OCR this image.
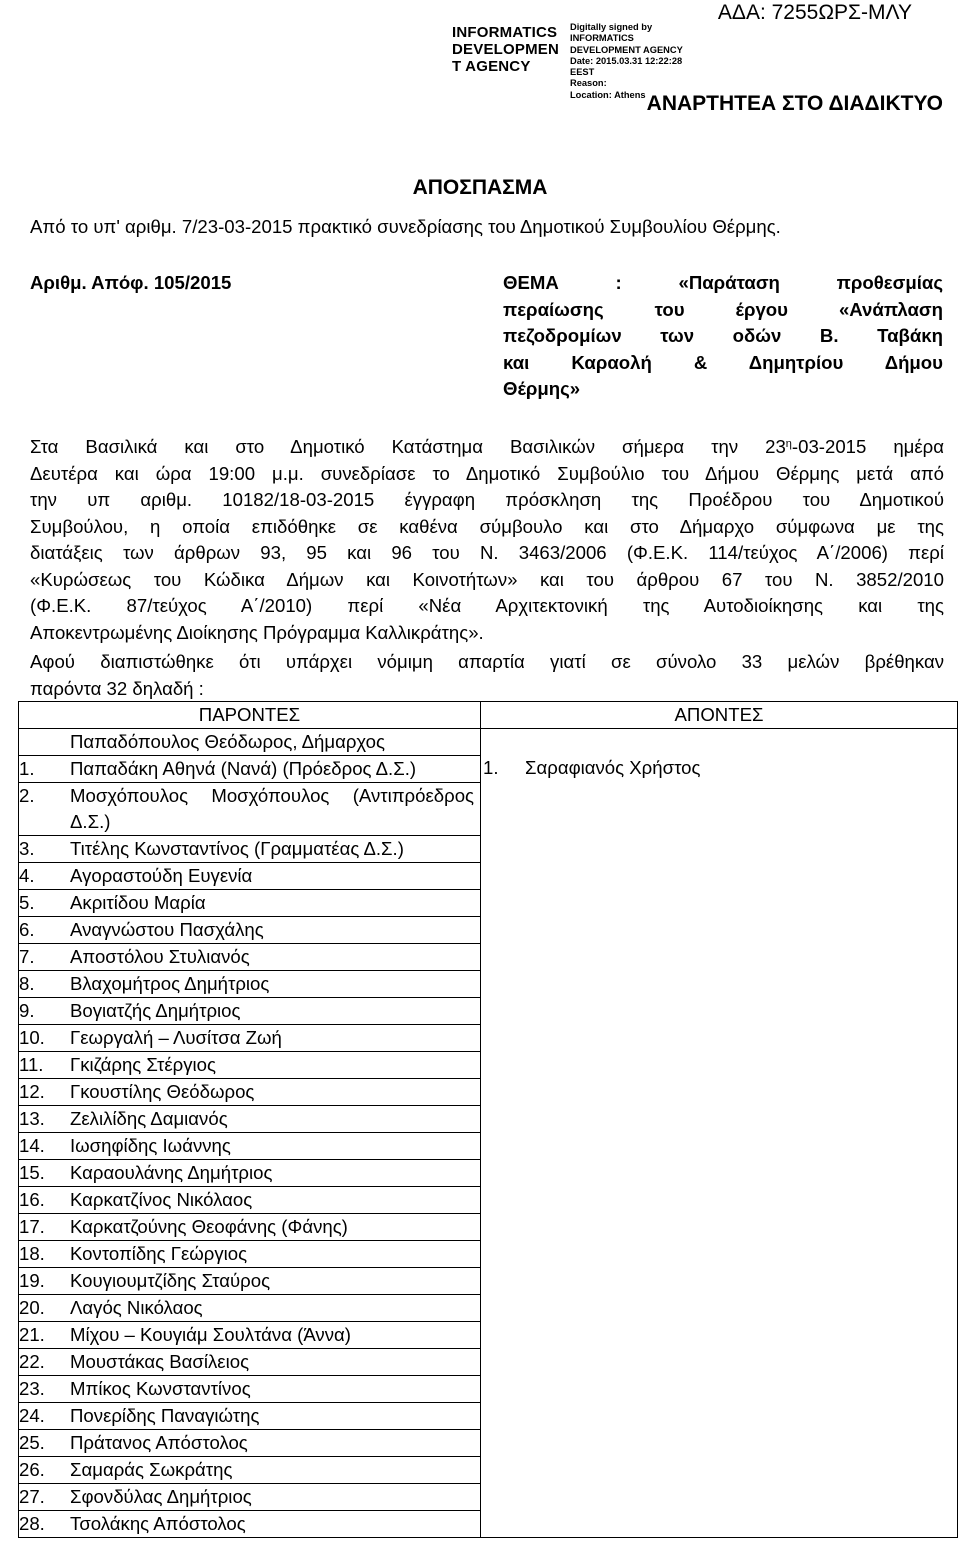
INFORMATICS
DEVELOPMEN
T AGENCY
Digitally signed by
INFORMATICS
DEVELOPMENT AGENCY
Date: 2015.03.31 12:22:28
EEST
Reason:
Location: Athens
ΑΔΑ: 7255ΩΡΣ-ΜΛΥ
ΑΝΑΡΤΗΤΕΑ ΣΤΟ ΔΙΑΔΙΚΤΥΟ
ΑΠΟΣΠΑΣΜΑ
Από το υπ' αριθμ. 7/23-03-2015 πρακτικό συνεδρίασης του Δημοτικού Συμβουλίου Θέρμης.
Αριθμ. Απόφ. 105/2015	ΘΕΜΑ : «Παράταση προθεσμίας
περαίωσης του έργου «Ανάπλαση
πεζοδρομίων των οδών Β. Ταβάκη
και Καραολή & Δημητρίου Δήμου
Θέρμης»
Στα Βασιλικά και στο Δημοτικό Κατάστημα Βασιλικών σήμερα την $23^\eta-03-2015$ ημέρα
Δευτέρα και ώρα 19:00 μ.μ. συνεδρίασε το Δημοτικό Συμβούλιο του Δήμου Θέρμης μετά από
την υπ αριθμ. 10182/18-03-2015 έγγραφη πρόσκληση της Προέδρου του Δημοτικού
Συμβούλου, η οποία επιδόθηκε σε καθένα σύμβουλο και στο Δήμαρχο σύμφωνα με της
διατάξεις των άρθρων 93, 95 και 96 του Ν. 3463/2006 (Φ.Ε.Κ. 114/τεύχος Α΄/2006) περί
«Κυρώσεως του Κώδικα Δήμων και Κοινοτήτων» και του άρθρου 67 του Ν. 3852/2010
(Φ.Ε.Κ. 87/τεύχος Α΄/2010) περί «Νέα Αρχιτεκτονική της Αυτοδιοίκησης και της
Αποκεντρωμένης Διοίκησης Πρόγραμμα Καλλικράτης».
Αφού διαπιστώθηκε ότι υπάρχει νόμιμη απαρτία γιατί σε σύνολο 33 μελών βρέθηκαν
παρόντα 32 δηλαδή :
ΠΑΡΟΝΤΕΣ	ΑΠΟΝΤΕΣ

Παπαδόπουλος Θεόδωρος, Δήμαρχος	1. Σαραφιανός Χρήστος

1. Παπαδάκη Αθηνά (Νανά) (Πρόεδρος Δ.Σ.)	

2. Μοσχόπουλος Μοσχόπουλος (Αντιπρόεδρος Δ.Σ.)	

3. Τιτέλης Κωνσταντίνος (Γραμματέας Δ.Σ.)	

4. Αγοραστούδη Ευγενία	

5. Ακριτίδου Μαρία	

6. Αναγνώστου Πασχάλης	

7. Αποστόλου Στυλιανός	

8. Βλαχομήτρος Δημήτριος	

9. Βογιατζής Δημήτριος	

10. Γεωργαλή – Λυσίτσα Ζωή	

11. Γκιζάρης Στέργιος	

12. Γκουστίλης Θεόδωρος	

13. Ζελιλίδης Δαμιανός	

14. Ιωσηφίδης Ιωάννης	

15. Καραουλάνης Δημήτριος	

16. Καρκατζίνος Νικόλαος	

17. Καρκατζούνης Θεοφάνης (Φάνης)	

18. Κοντοπίδης Γεώργιος	

19. Κουγιουμτζίδης Σταύρος	

20. Λαγός Νικόλαος	

21. Μίχου – Κουγιάμ Σουλτάνα (Άννα)	

22. Μουστάκας Βασίλειος	

23. Μπίκος Κωνσταντίνος	

24. Πονερίδης Παναγιώτης	

25. Πράτανος Απόστολος	

26. Σαμαράς Σωκράτης	

27. Σφονδύλας Δημήτριος	

28. Τσολάκης Απόστολος	
